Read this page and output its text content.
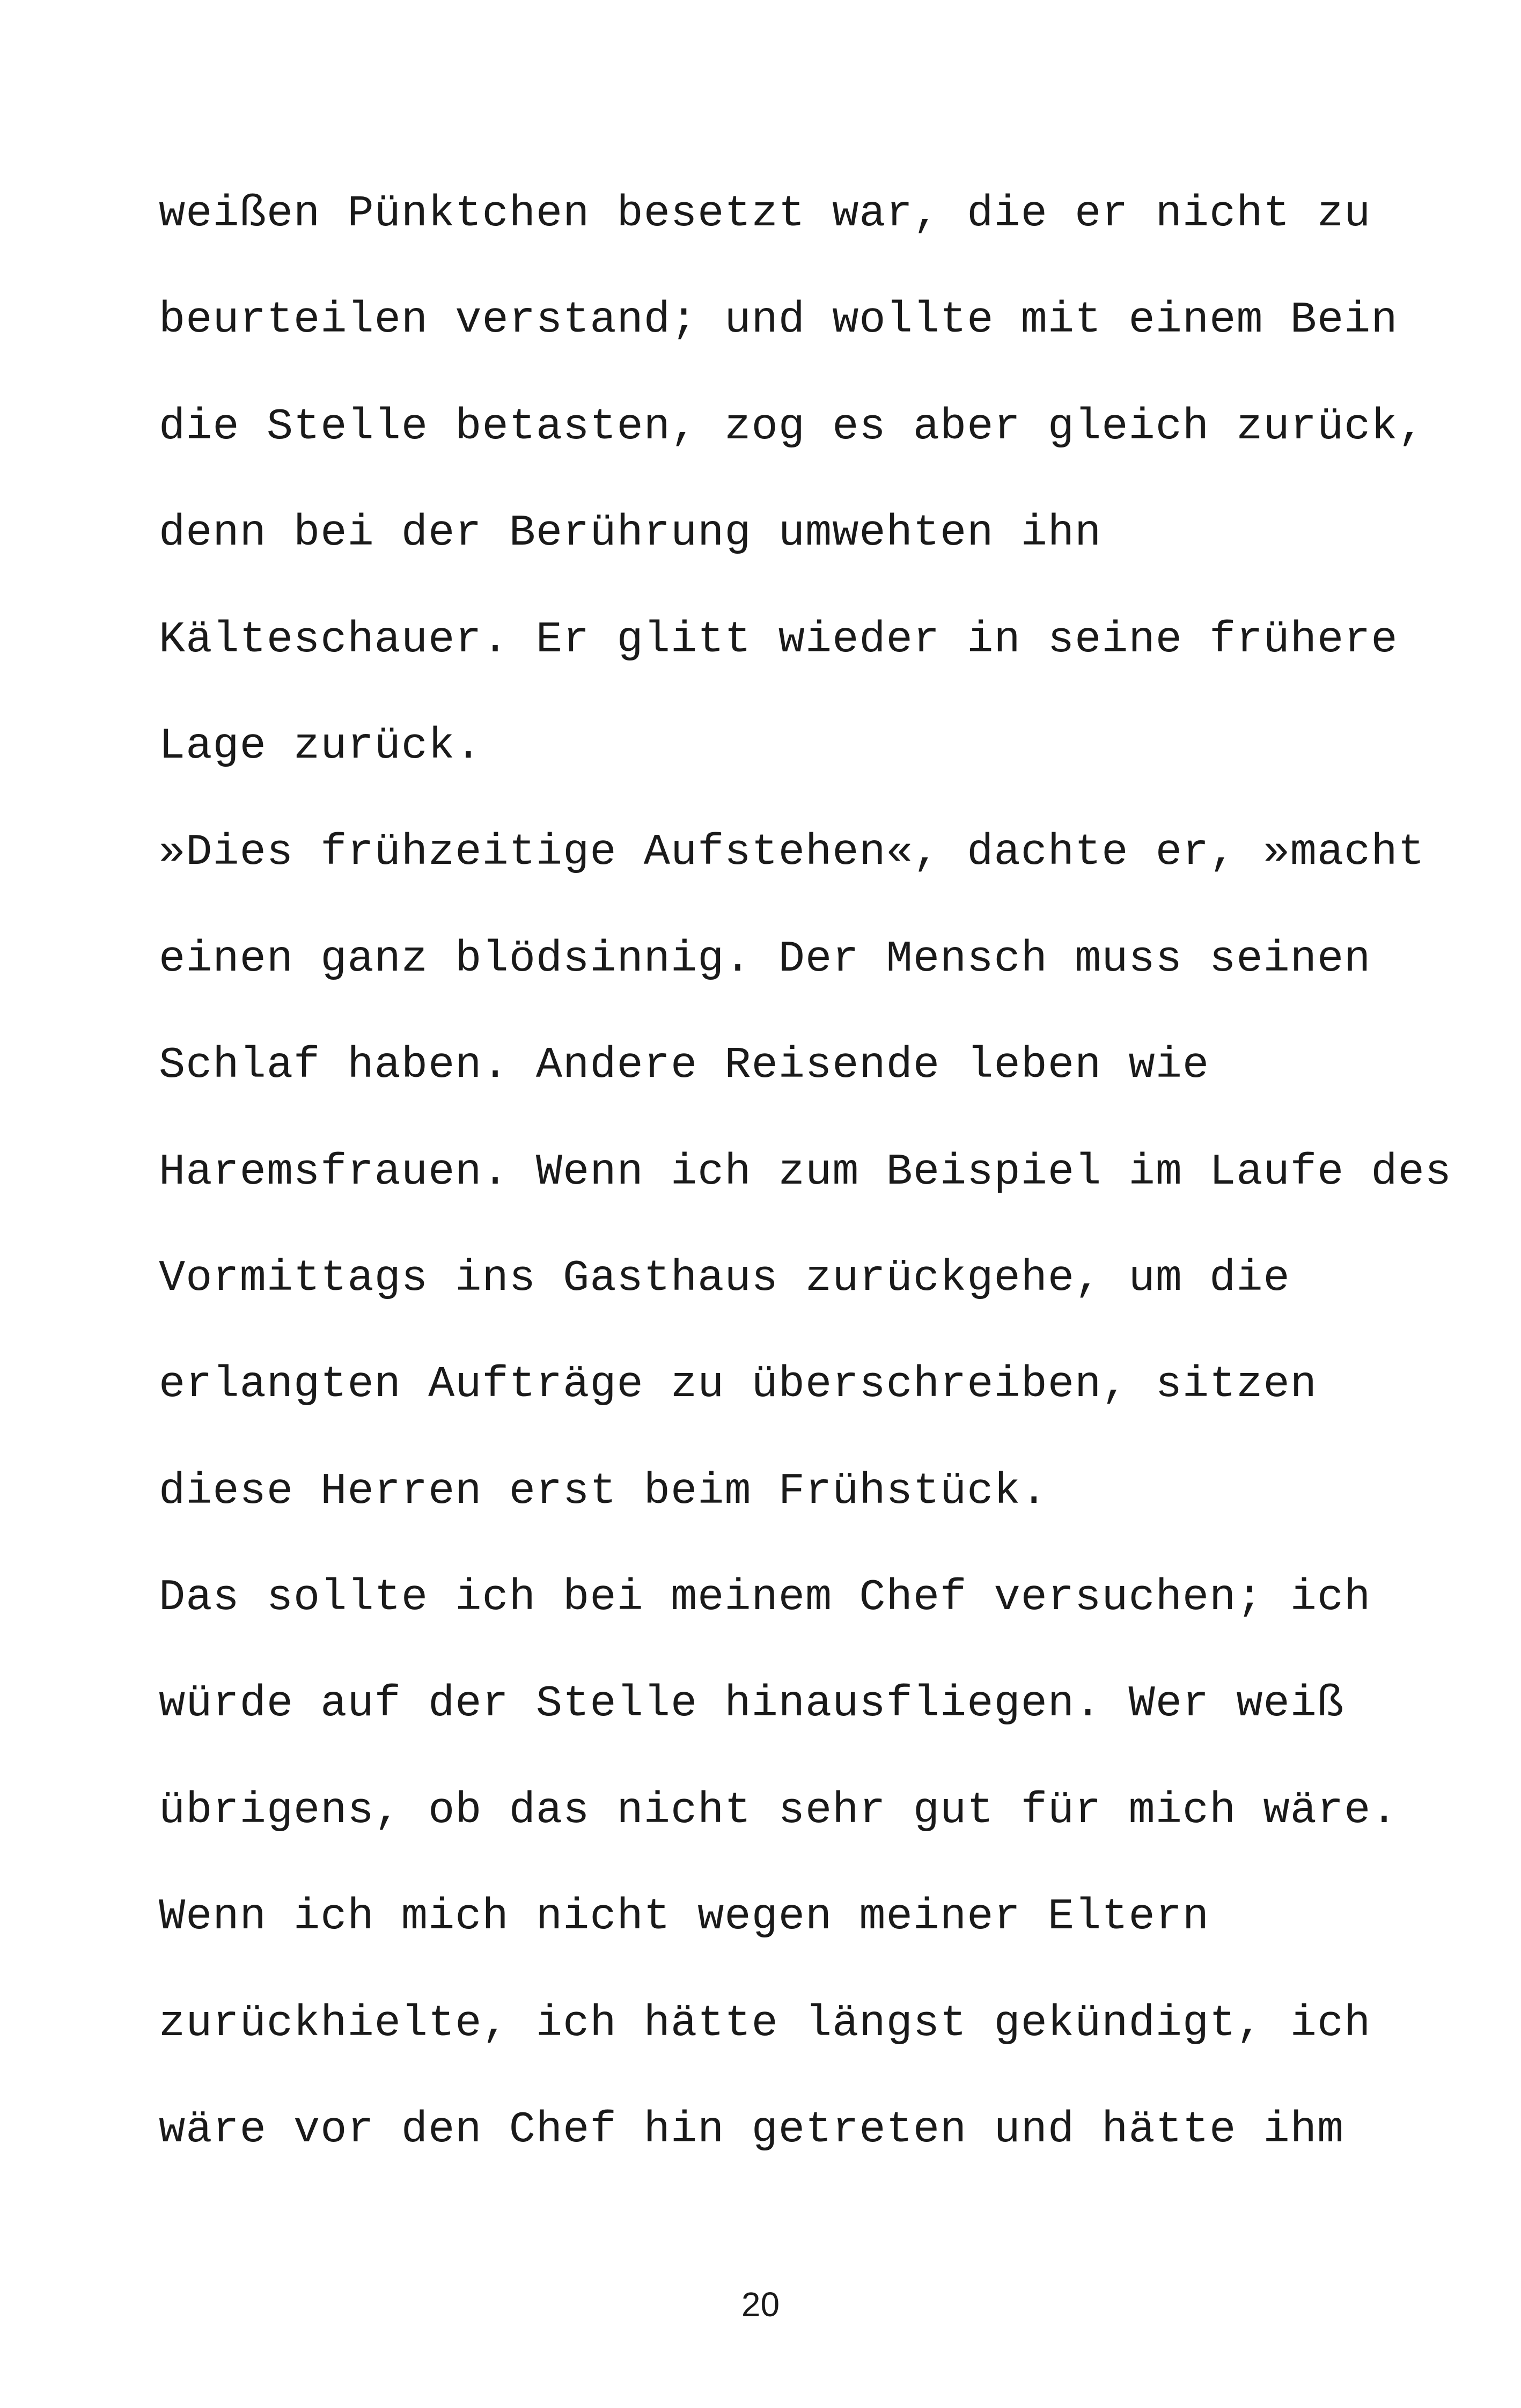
weißen Pünktchen besetzt war, die er nicht zu
beurteilen verstand; und wollte mit einem Bein
die Stelle betasten, zog es aber gleich zurück,
denn bei der Berührung umwehten ihn
Kälteschauer. Er glitt wieder in seine frühere
Lage zurück.
»Dies frühzeitige Aufstehen«, dachte er, »macht
einen ganz blödsinnig. Der Mensch muss seinen
Schlaf haben. Andere Reisende leben wie
Haremsfrauen. Wenn ich zum Beispiel im Laufe des
Vormittags ins Gasthaus zurückgehe, um die
erlangten Aufträge zu überschreiben, sitzen
diese Herren erst beim Frühstück.
Das sollte ich bei meinem Chef versuchen; ich
würde auf der Stelle hinausfliegen. Wer weiß
übrigens, ob das nicht sehr gut für mich wäre.
Wenn ich mich nicht wegen meiner Eltern
zurückhielte, ich hätte längst gekündigt, ich
wäre vor den Chef hin getreten und hätte ihm
20
